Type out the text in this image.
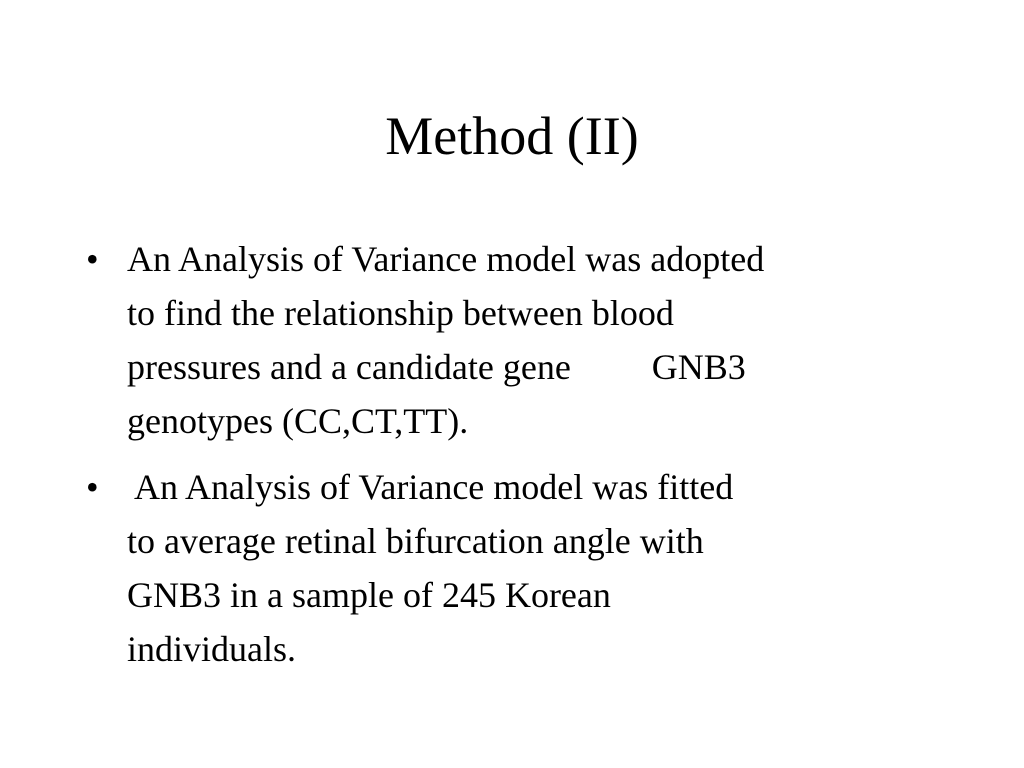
Method (II)
• An Analysis of Variance model was adopted
to find the relationship between blood
pressures and a candidate gene         GNB3
genotypes (CC,CT,TT).
• An Analysis of Variance model was fitted
to average retinal bifurcation angle with
GNB3 in a sample of 245 Korean
individuals.
